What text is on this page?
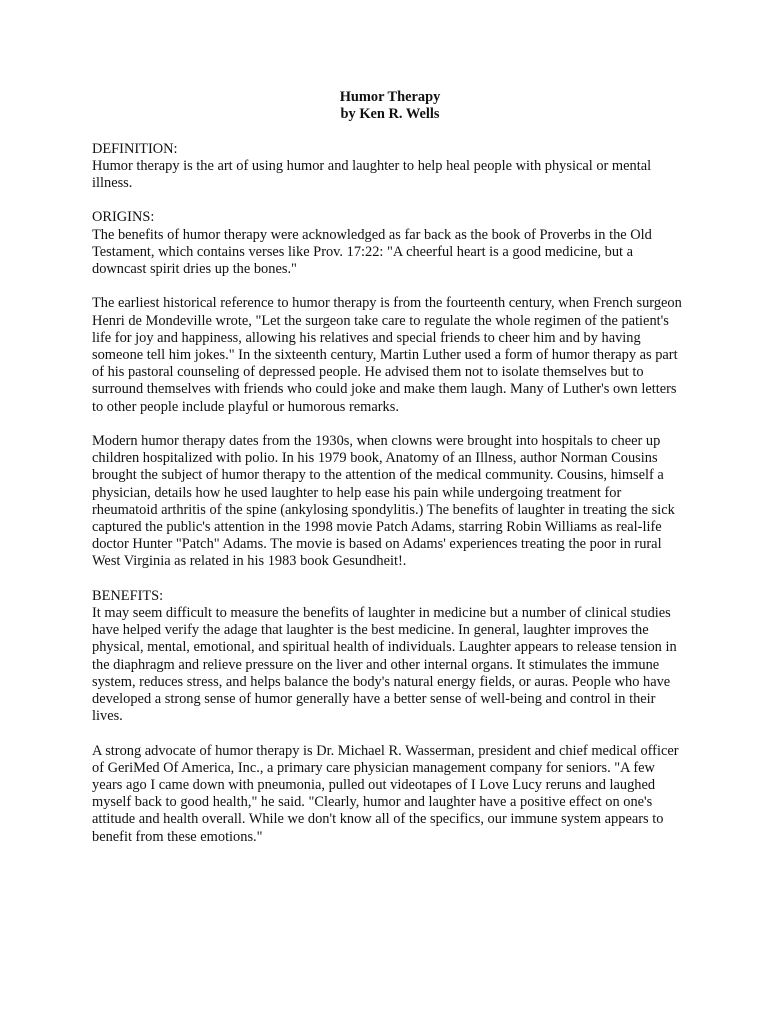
Humor Therapy
by Ken R. Wells
DEFINITION:

Humor therapy is the art of using humor and laughter to help heal people with physical or mental illness.

ORIGINS:

The benefits of humor therapy were acknowledged as far back as the book of Proverbs in the Old Testament, which contains verses like Prov. 17:22: "A cheerful heart is a good medicine, but a downcast spirit dries up the bones."

The earliest historical reference to humor therapy is from the fourteenth century, when French surgeon Henri de Mondeville wrote, "Let the surgeon take care to regulate the whole regimen of the patient's life for joy and happiness, allowing his relatives and special friends to cheer him and by having someone tell him jokes." In the sixteenth century, Martin Luther used a form of humor therapy as part of his pastoral counseling of depressed people. He advised them not to isolate themselves but to surround themselves with friends who could joke and make them laugh. Many of Luther's own letters to other people include playful or humorous remarks.

Modern humor therapy dates from the 1930s, when clowns were brought into hospitals to cheer up children hospitalized with polio. In his 1979 book, Anatomy of an Illness, author Norman Cousins brought the subject of humor therapy to the attention of the medical community. Cousins, himself a physician, details how he used laughter to help ease his pain while undergoing treatment for rheumatoid arthritis of the spine (ankylosing spondylitis.) The benefits of laughter in treating the sick captured the public's attention in the 1998 movie Patch Adams, starring Robin Williams as real-life doctor Hunter "Patch" Adams. The movie is based on Adams' experiences treating the poor in rural West Virginia as related in his 1983 book Gesundheit!.

BENEFITS:

It may seem difficult to measure the benefits of laughter in medicine but a number of clinical studies have helped verify the adage that laughter is the best medicine. In general, laughter improves the physical, mental, emotional, and spiritual health of individuals. Laughter appears to release tension in the diaphragm and relieve pressure on the liver and other internal organs. It stimulates the immune system, reduces stress, and helps balance the body's natural energy fields, or auras. People who have developed a strong sense of humor generally have a better sense of well-being and control in their lives.

A strong advocate of humor therapy is Dr. Michael R. Wasserman, president and chief medical officer of GeriMed Of America, Inc., a primary care physician management company for seniors. "A few years ago I came down with pneumonia, pulled out videotapes of I Love Lucy reruns and laughed myself back to good health," he said. "Clearly, humor and laughter have a positive effect on one's attitude and health overall. While we don't know all of the specifics, our immune system appears to benefit from these emotions."
